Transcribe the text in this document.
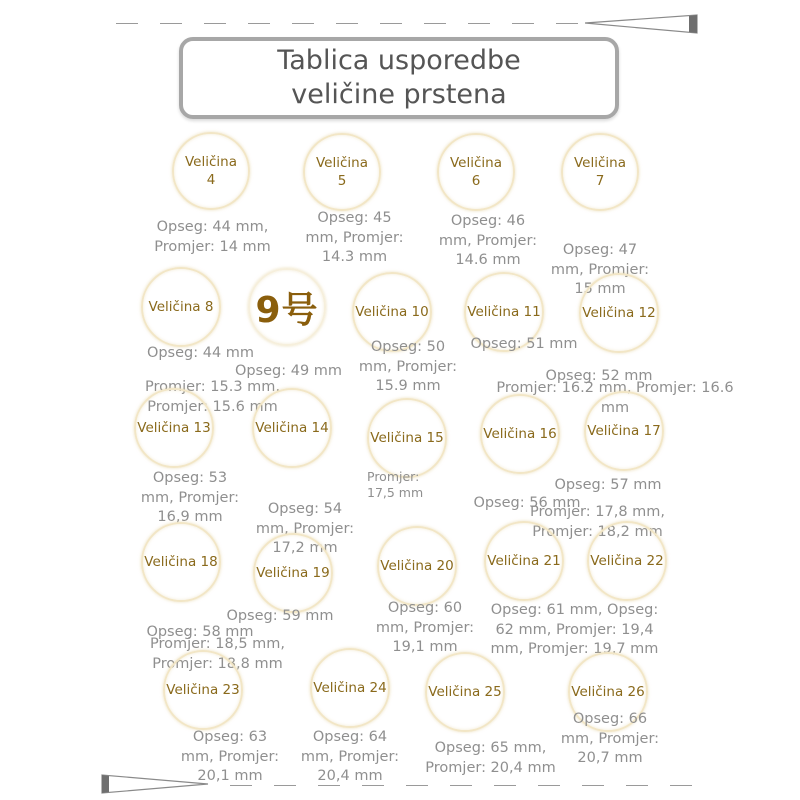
Tablica usporedbe
veličine prstena
Veličina
4
Veličina
5
Veličina
6
Veličina
7
Opseg: 44 mm,
Promjer: 14 mm
Opseg: 45
mm, Promjer:
14.3 mm
Opseg: 46
mm, Promjer:
14.6 mm
Opseg: 47
mm, Promjer:
15 mm
Veličina 8 9号	Veličina 10	Veličina 11	Veličina 12
Opseg: 44 mm
Opseg: 49 mm
Promjer: 15.3 mm,
Promjer: 15.6 mm
Opseg: 50
mm, Promjer:
15.9 mm
Opseg: 51 mm
Opseg: 52 mm
Promjer: 16.2 mm, Promjer: 16.6 mm
Veličina 13	Veličina 14
Veličina 15	Veličina 16 Veličina 17
Opseg: 53
mm, Promjer:
16,9 mm
Promjer:
17,5 mm
Opseg: 54
mm, Promjer:
17,2 mm
Opseg: 56 mm
Opseg: 57 mm
Promjer: 17,8 mm,
Promjer: 18,2 mm
Veličina 18
Veličina 19	Veličina 20 Veličina 21 Veličina 22
Opseg: 59 mm
Opseg: 58 mm
Promjer: 18,5 mm,
Promjer: 18,8 mm
Opseg: 60
mm, Promjer:
19,1 mm
Opseg: 61 mm, Opseg:
62 mm, Promjer: 19,4
mm, Promjer: 19,7 mm
Veličina 23	Veličina 24	Veličina 25	Veličina 26
Opseg: 63
mm, Promjer:
20,1 mm
Opseg: 64
mm, Promjer:
20,4 mm
Opseg: 65 mm,
Promjer: 20,4 mm
Opseg: 66
mm, Promjer:
20,7 mm
